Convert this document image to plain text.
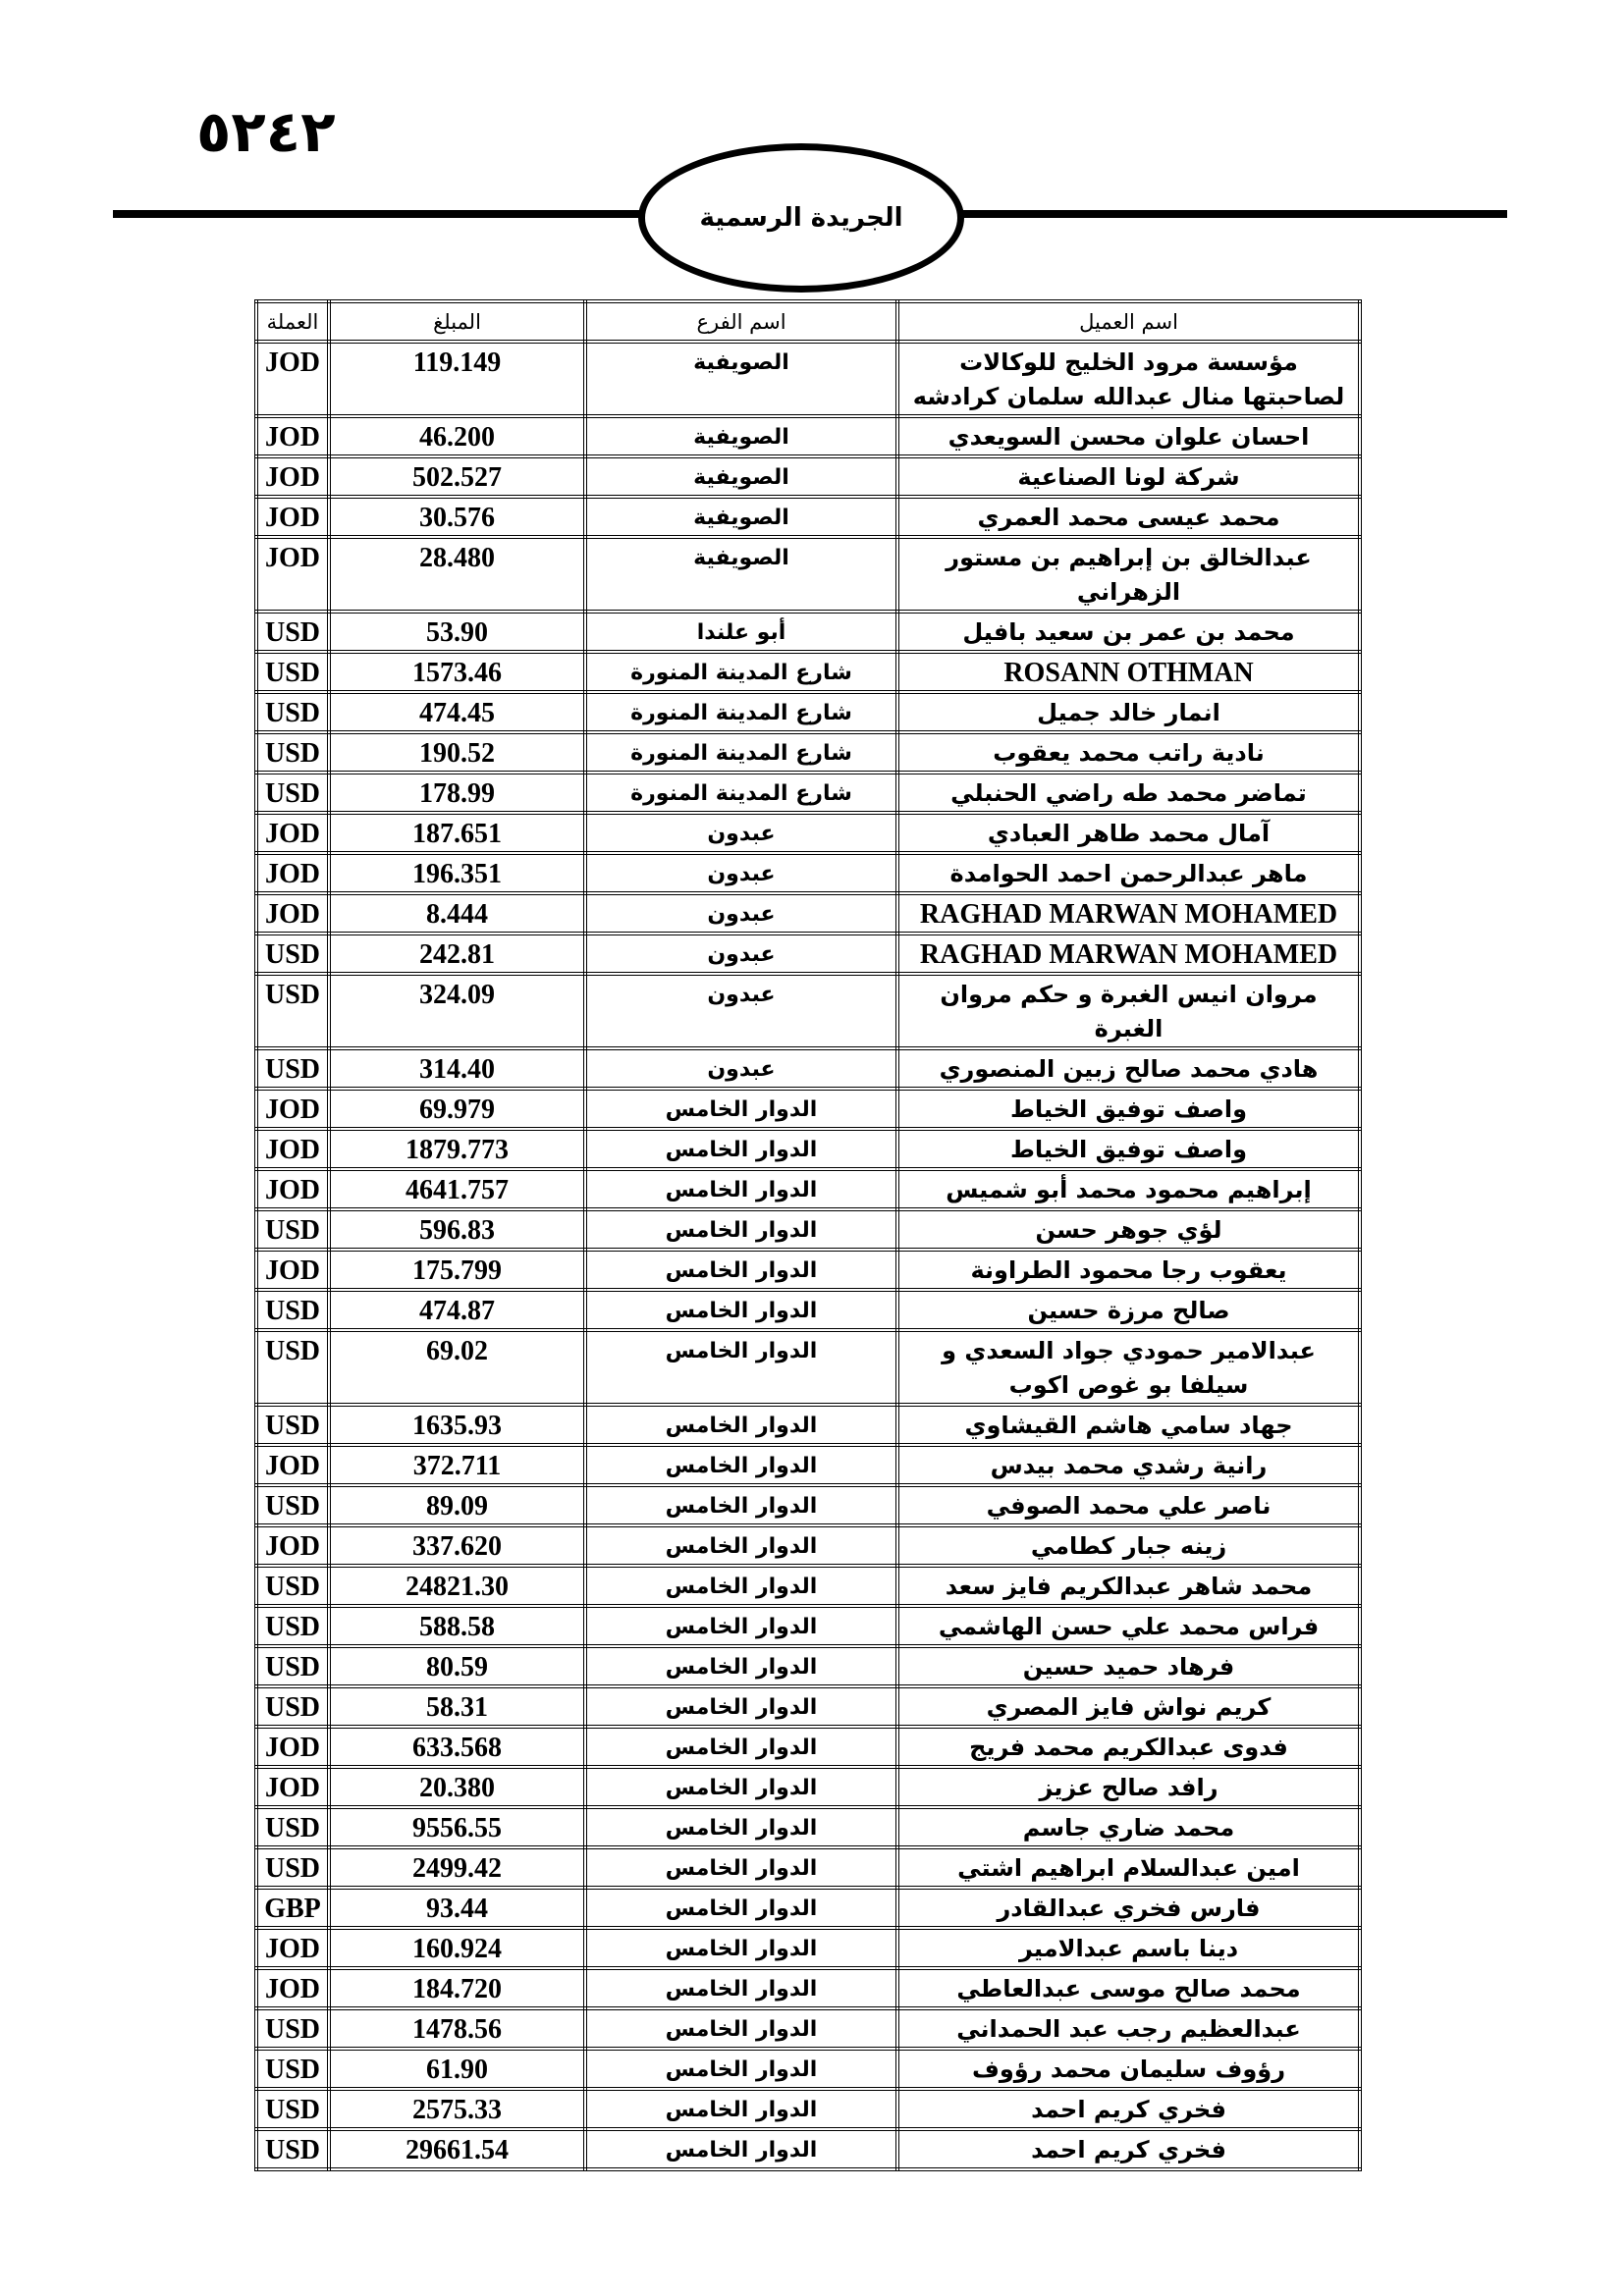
٥٢٤٢
الجريدة الرسمية
اسم العميل	اسم الفرع	المبلغ	العملة
مؤسسة مرود الخليج للوكالات لصاحبتها منال عبدالله سلمان كرادشه	الصويفية	119.149	JOD
احسان علوان محسن السويعدي	الصويفية	46.200	JOD
شركة لونا الصناعية	الصويفية	502.527	JOD
محمد عيسى محمد العمري	الصويفية	30.576	JOD
عبدالخالق بن إبراهيم بن مستور الزهراني	الصويفية	28.480	JOD
محمد بن عمر بن سعيد بافيل	أبو علندا	53.90	USD
ROSANN OTHMAN	شارع المدينة المنورة	1573.46	USD
انمار خالد جميل	شارع المدينة المنورة	474.45	USD
نادية راتب محمد يعقوب	شارع المدينة المنورة	190.52	USD
تماضر محمد طه راضي الحنبلي	شارع المدينة المنورة	178.99	USD
آمال محمد طاهر العبادي	عبدون	187.651	JOD
ماهر عبدالرحمن احمد الحوامدة	عبدون	196.351	JOD
RAGHAD MARWAN MOHAMED	عبدون	8.444	JOD
RAGHAD MARWAN MOHAMED	عبدون	242.81	USD
مروان انيس الغبرة و حكم مروان الغبرة	عبدون	324.09	USD
هادي محمد صالح زبين المنصوري	عبدون	314.40	USD
واصف توفيق الخياط	الدوار الخامس	69.979	JOD
واصف توفيق الخياط	الدوار الخامس	1879.773	JOD
إبراهيم محمود محمد أبو شميس	الدوار الخامس	4641.757	JOD
لؤي جوهر حسن	الدوار الخامس	596.83	USD
يعقوب رجا محمود الطراونة	الدوار الخامس	175.799	JOD
صالح مرزة حسين	الدوار الخامس	474.87	USD
عبدالامير حمودي جواد السعدي و سيلفا بو غوص اكوب	الدوار الخامس	69.02	USD
جهاد سامي هاشم القيشاوي	الدوار الخامس	1635.93	USD
رانية رشدي محمد بيدس	الدوار الخامس	372.711	JOD
ناصر علي محمد الصوفي	الدوار الخامس	89.09	USD
زينه جبار كطامي	الدوار الخامس	337.620	JOD
محمد شاهر عبدالكريم فايز سعد	الدوار الخامس	24821.30	USD
فراس محمد علي حسن الهاشمي	الدوار الخامس	588.58	USD
فرهاد حميد حسين	الدوار الخامس	80.59	USD
كريم نواش فايز المصري	الدوار الخامس	58.31	USD
فدوى عبدالكريم محمد فريج	الدوار الخامس	633.568	JOD
رافد صالح عزيز	الدوار الخامس	20.380	JOD
محمد ضاري جاسم	الدوار الخامس	9556.55	USD
امين عبدالسلام ابراهيم اشتي	الدوار الخامس	2499.42	USD
فارس فخري عبدالقادر	الدوار الخامس	93.44	GBP
دينا باسم عبدالامير	الدوار الخامس	160.924	JOD
محمد صالح موسى عبدالعاطي	الدوار الخامس	184.720	JOD
عبدالعظيم رجب عبد الحمداني	الدوار الخامس	1478.56	USD
رؤوف سليمان محمد رؤوف	الدوار الخامس	61.90	USD
فخري كريم احمد	الدوار الخامس	2575.33	USD
فخري كريم احمد	الدوار الخامس	29661.54	USD
